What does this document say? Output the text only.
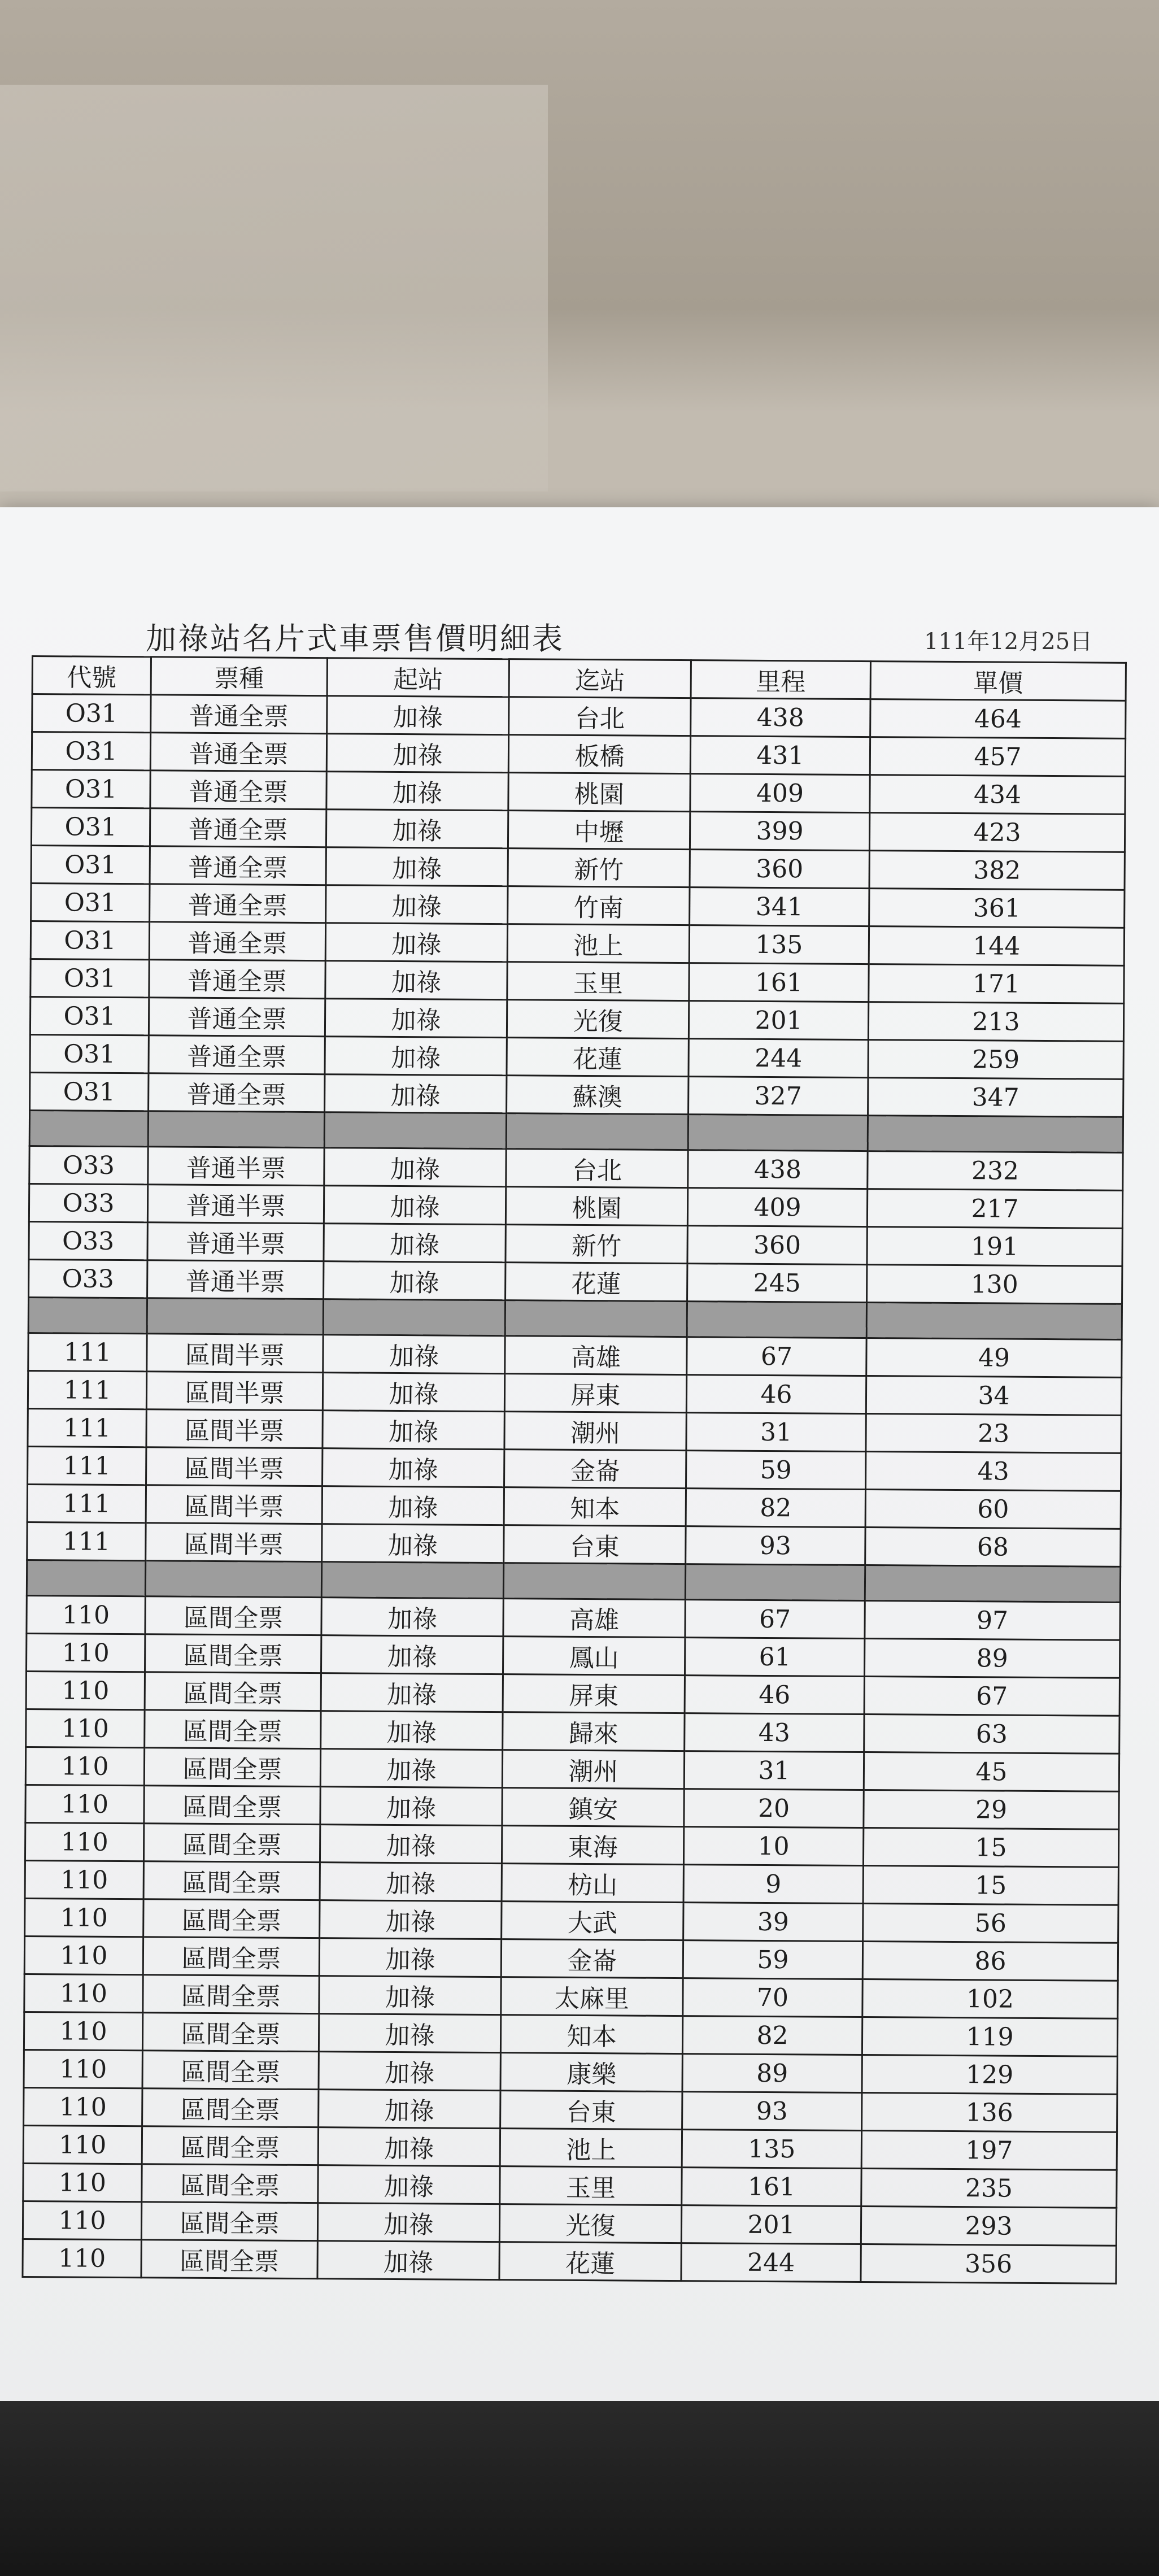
加祿站名片式車票售價明細表	111年12月25日
代號	票種	起站	迄站	里程	單價
O31	普通全票	加祿	台北	438	464
O31	普通全票	加祿	板橋	431	457
O31	普通全票	加祿	桃園	409	434
O31	普通全票	加祿	中壢	399	423
O31	普通全票	加祿	新竹	360	382
O31	普通全票	加祿	竹南	341	361
O31	普通全票	加祿	池上	135	144
O31	普通全票	加祿	玉里	161	171
O31	普通全票	加祿	光復	201	213
O31	普通全票	加祿	花蓮	244	259
O31	普通全票	加祿	蘇澳	327	347

O33	普通半票	加祿	台北	438	232
O33	普通半票	加祿	桃園	409	217
O33	普通半票	加祿	新竹	360	191
O33	普通半票	加祿	花蓮	245	130

111	區間半票	加祿	高雄	67	49
111	區間半票	加祿	屏東	46	34
111	區間半票	加祿	潮州	31	23
111	區間半票	加祿	金崙	59	43
111	區間半票	加祿	知本	82	60
111	區間半票	加祿	台東	93	68

110	區間全票	加祿	高雄	67	97
110	區間全票	加祿	鳳山	61	89
110	區間全票	加祿	屏東	46	67
110	區間全票	加祿	歸來	43	63
110	區間全票	加祿	潮州	31	45
110	區間全票	加祿	鎮安	20	29
110	區間全票	加祿	東海	10	15
110	區間全票	加祿	枋山	9	15
110	區間全票	加祿	大武	39	56
110	區間全票	加祿	金崙	59	86
110	區間全票	加祿	太麻里	70	102
110	區間全票	加祿	知本	82	119
110	區間全票	加祿	康樂	89	129
110	區間全票	加祿	台東	93	136
110	區間全票	加祿	池上	135	197
110	區間全票	加祿	玉里	161	235
110	區間全票	加祿	光復	201	293
110	區間全票	加祿	花蓮	244	356
